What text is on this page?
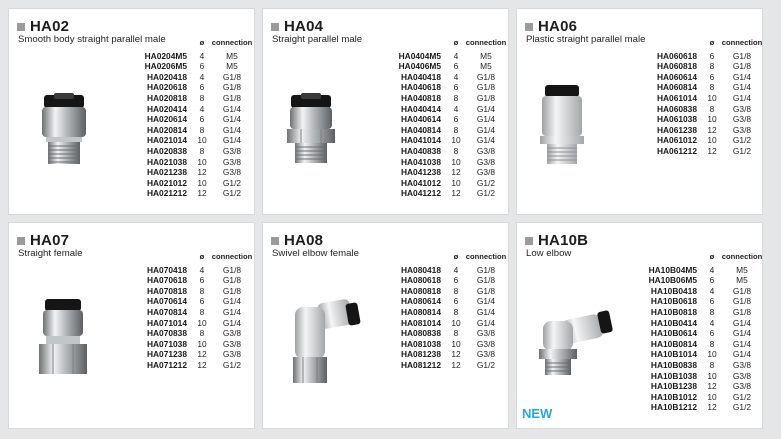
HA02
Smooth body straight parallel male	ø connection
HA0204M5	4	M5
HA0206M5	6	M5
HA020418	4	G1/8
HA020618	6	G1/8
HA020818	8	G1/8
HA020414	4	G1/4
HA020614	6	G1/4
HA020814	8	G1/4
HA021014	10	G1/4
HA020838	8	G3/8
HA021038	10	G3/8
HA021238	12	G3/8
HA021012	10	G1/2
HA021212	12	G1/2
HA04
Straight parallel male	ø connection
HA0404M5	4	M5
HA0406M5	6	M5
HA040418	4	G1/8
HA040618	6	G1/8
HA040818	8	G1/8
HA040414	4	G1/4
HA040614	6	G1/4
HA040814	8	G1/4
HA041014	10	G1/4
HA040838	8	G3/8
HA041038	10	G3/8
HA041238	12	G3/8
HA041012	10	G1/2
HA041212	12	G1/2
HA06
Plastic straight parallel male	ø connection
HA060618	6	G1/8
HA060818	8	G1/8
HA060614	6	G1/4
HA060814	8	G1/4
HA061014	10	G1/4
HA060838	8	G3/8
HA061038	10	G3/8
HA061238	12	G3/8
HA061012	10	G1/2
HA061212	12	G1/2
HA07
Straight female	ø connection
HA070418	4	G1/8
HA070618	6	G1/8
HA070818	8	G1/8
HA070614	6	G1/4
HA070814	8	G1/4
HA071014	10	G1/4
HA070838	8	G3/8
HA071038	10	G3/8
HA071238	12	G3/8
HA071212	12	G1/2
HA08
Swivel elbow female	ø connection
HA080418	4	G1/8
HA080618	6	G1/8
HA080818	8	G1/8
HA080614	6	G1/4
HA080814	8	G1/4
HA081014	10	G1/4
HA080838	8	G3/8
HA081038	10	G3/8
HA081238	12	G3/8
HA081212	12	G1/2
HA10B
Low elbow
NEW
ø connection
HA10B04M5	4	M5
HA10B06M5	6	M5
HA10B0418	4	G1/8
HA10B0618	6	G1/8
HA10B0818	8	G1/8
HA10B0414	4	G1/4
HA10B0614	6	G1/4
HA10B0814	8	G1/4
HA10B1014	10	G1/4
HA10B0838	8	G3/8
HA10B1038	10	G3/8
HA10B1238	12	G3/8
HA10B1012	10	G1/2
HA10B1212	12	G1/2
